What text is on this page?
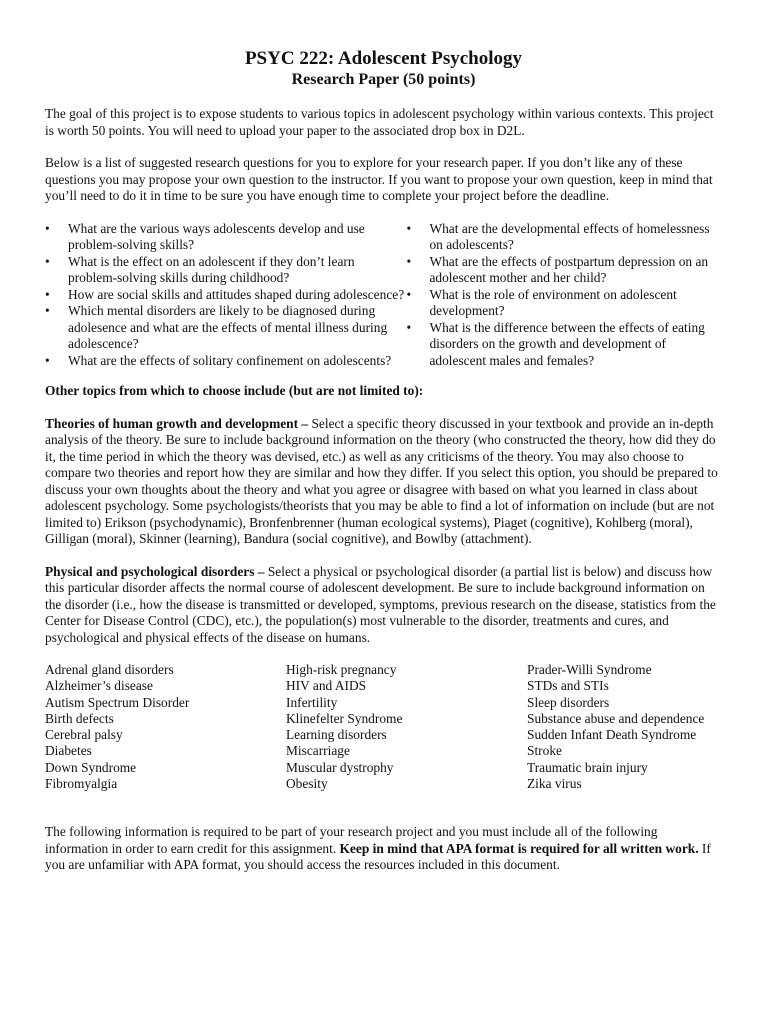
PSYC 222: Adolescent Psychology
Research Paper (50 points)

The goal of this project is to expose students to various topics in adolescent psychology within various contexts. This project is worth 50 points. You will need to upload your paper to the associated drop box in D2L.

Below is a list of suggested research questions for you to explore for your research paper. If you don’t like any of these questions you may propose your own question to the instructor. If you want to propose your own question, keep in mind that you’ll need to do it in time to be sure you have enough time to complete your project before the deadline.

• What are the various ways adolescents develop and use problem-solving skills?
• What is the effect on an adolescent if they don’t learn problem-solving skills during childhood?
• How are social skills and attitudes shaped during adolescence?
• Which mental disorders are likely to be diagnosed during adolesence and what are the effects of mental illness during adolescence?
• What are the effects of solitary confinement on adolescents?
• What are the developmental effects of homelessness on adolescents?
• What are the effects of postpartum depression on an adolescent mother and her child?
• What is the role of environment on adolescent development?
• What is the difference between the effects of eating disorders on the growth and development of adolescent males and females?

Other topics from which to choose include (but are not limited to):

Theories of human growth and development – Select a specific theory discussed in your textbook and provide an in-depth analysis of the theory. Be sure to include background information on the theory (who constructed the theory, how did they do it, the time period in which the theory was devised, etc.) as well as any criticisms of the theory. You may also choose to compare two theories and report how they are similar and how they differ. If you select this option, you should be prepared to discuss your own thoughts about the theory and what you agree or disagree with based on what you learned in class about adolescent psychology. Some psychologists/theorists that you may be able to find a lot of information on include (but are not limited to) Erikson (psychodynamic), Bronfenbrenner (human ecological systems), Piaget (cognitive), Kohlberg (moral), Gilligan (moral), Skinner (learning), Bandura (social cognitive), and Bowlby (attachment).

Physical and psychological disorders – Select a physical or psychological disorder (a partial list is below) and discuss how this particular disorder affects the normal course of adolescent development. Be sure to include background information on the disorder (i.e., how the disease is transmitted or developed, symptoms, previous research on the disease, statistics from the Center for Disease Control (CDC), etc.), the population(s) most vulnerable to the disorder, treatments and cures, and psychological and physical effects of the disease on humans.

Adrenal gland disorders
Alzheimer’s disease
Autism Spectrum Disorder
Birth defects
Cerebral palsy
Diabetes
Down Syndrome
Fibromyalgia
High-risk pregnancy
HIV and AIDS
Infertility
Klinefelter Syndrome
Learning disorders
Miscarriage
Muscular dystrophy
Obesity
Prader-Willi Syndrome
STDs and STIs
Sleep disorders
Substance abuse and dependence
Sudden Infant Death Syndrome
Stroke
Traumatic brain injury
Zika virus

The following information is required to be part of your research project and you must include all of the following information in order to earn credit for this assignment. Keep in mind that APA format is required for all written work. If you are unfamiliar with APA format, you should access the resources included in this document.
